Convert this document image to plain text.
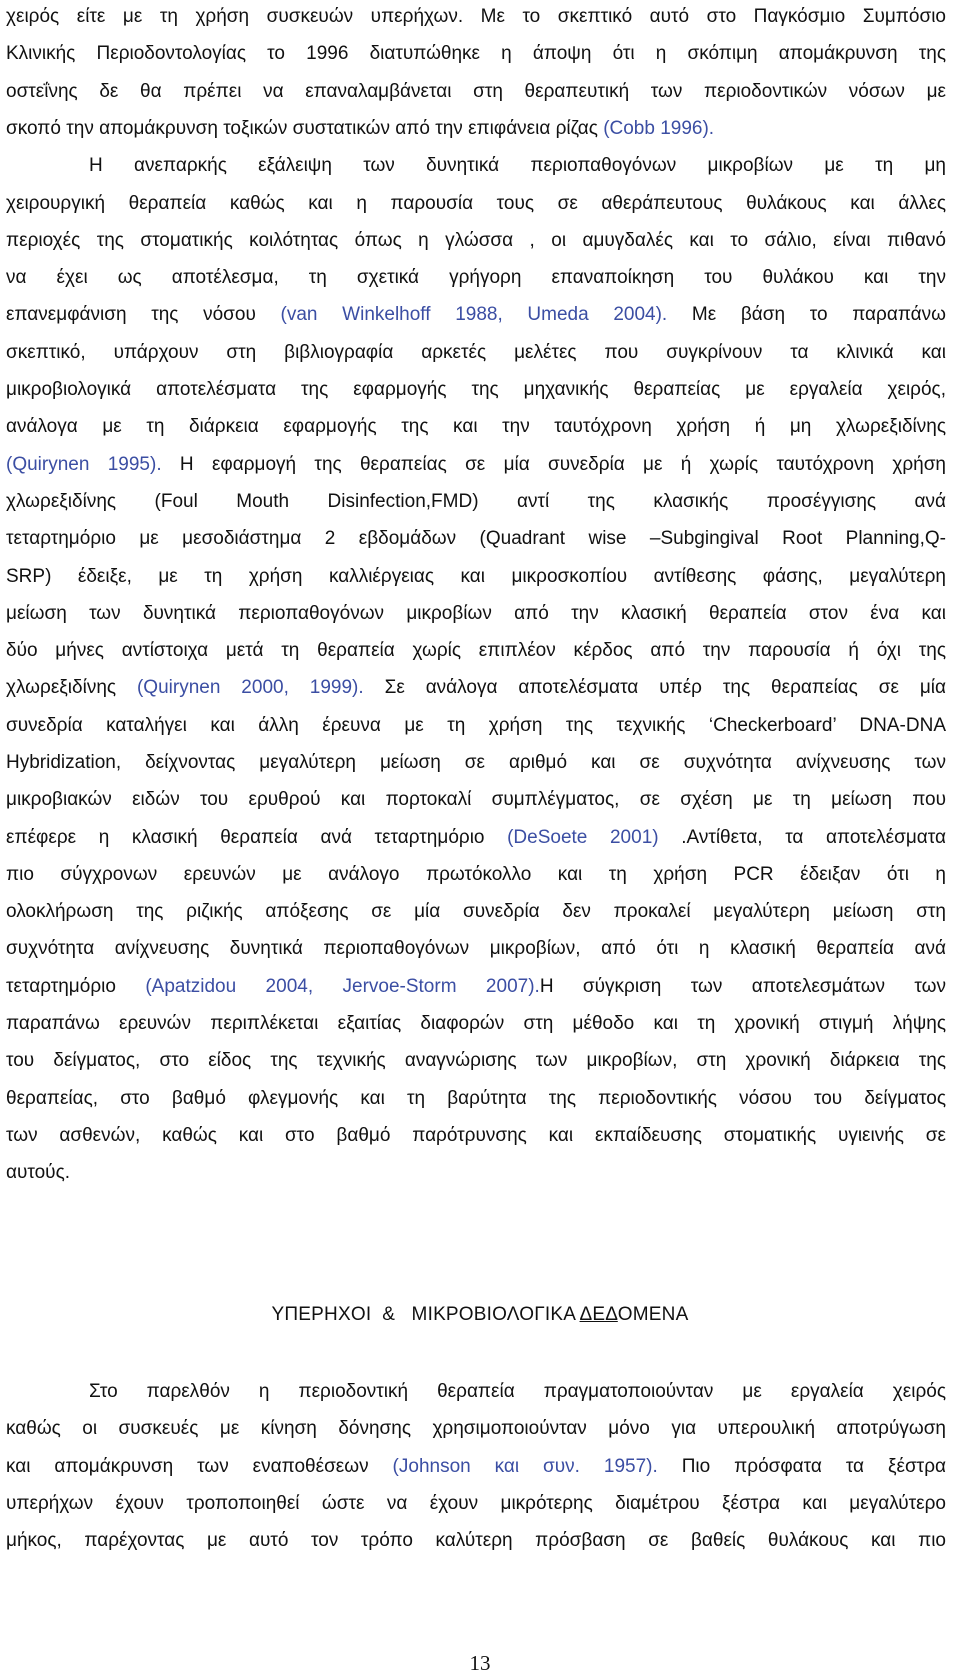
χειρός είτε με τη χρήση συσκευών υπερήχων. Με το σκεπτικό αυτό στο Παγκόσμιο Συμπόσιο
Κλινικής Περιοδοντολογίας το 1996 διατυπώθηκε η άποψη ότι η σκόπιμη απομάκρυνση της
οστεΐνης δε θα πρέπει να επαναλαμβάνεται στη θεραπευτική των περιοδοντικών νόσων με
σκοπό την απομάκρυνση τοξικών συστατικών από την επιφάνεια ρίζας (Cobb 1996).
Η ανεπαρκής εξάλειψη των δυνητικά περιοπαθογόνων μικροβίων με τη μη
χειρουργική θεραπεία καθώς και η παρουσία τους σε αθεράπευτους θυλάκους και άλλες
περιοχές της στοματικής κοιλότητας όπως η γλώσσα , οι αμυγδαλές και το σάλιο, είναι πιθανό
να έχει ως αποτέλεσμα, τη σχετικά γρήγορη επαναποίκηση του θυλάκου και την
επανεμφάνιση της νόσου (van Winkelhoff 1988, Umeda 2004). Με βάση το παραπάνω
σκεπτικό, υπάρχουν στη βιβλιογραφία αρκετές μελέτες που συγκρίνουν τα κλινικά και
μικροβιολογικά αποτελέσματα της εφαρμογής της μηχανικής θεραπείας με εργαλεία χειρός,
ανάλογα με τη διάρκεια εφαρμογής της και την ταυτόχρονη χρήση ή μη χλωρεξιδίνης
(Quirynen 1995). Η εφαρμογή της θεραπείας σε μία συνεδρία με ή χωρίς ταυτόχρονη χρήση
χλωρεξιδίνης (Foul Mouth Disinfection,FMD) αντί της κλασικής προσέγγισης ανά
τεταρτημόριο με μεσοδιάστημα 2 εβδομάδων (Quadrant wise –Subgingival Root Planning,Q-
SRP) έδειξε, με τη χρήση καλλιέργειας και μικροσκοπίου αντίθεσης φάσης, μεγαλύτερη
μείωση των δυνητικά περιοπαθογόνων μικροβίων από την κλασική θεραπεία στον ένα και
δύο μήνες αντίστοιχα μετά τη θεραπεία χωρίς επιπλέον κέρδος από την παρουσία ή όχι της
χλωρεξιδίνης (Quirynen 2000, 1999). Σε ανάλογα αποτελέσματα υπέρ της θεραπείας σε μία
συνεδρία καταλήγει και άλλη έρευνα με τη χρήση της τεχνικής ‘Checkerboard’ DNA-DNA
Hybridization, δείχνοντας μεγαλύτερη μείωση σε αριθμό και σε συχνότητα ανίχνευσης των
μικροβιακών ειδών του ερυθρού και πορτοκαλί συμπλέγματος, σε σχέση με τη μείωση που
επέφερε η κλασική θεραπεία ανά τεταρτημόριο (DeSoete 2001) .Αντίθετα, τα αποτελέσματα
πιο σύγχρονων ερευνών με ανάλογο πρωτόκολλο και τη χρήση PCR έδειξαν ότι η
ολοκλήρωση της ριζικής απόξεσης σε μία συνεδρία δεν προκαλεί μεγαλύτερη μείωση στη
συχνότητα ανίχνευσης δυνητικά περιοπαθογόνων μικροβίων, από ότι η κλασική θεραπεία ανά
τεταρτημόριο (Apatzidou 2004, Jervoe-Storm 2007).Η σύγκριση των αποτελεσμάτων των
παραπάνω ερευνών περιπλέκεται εξαιτίας διαφορών στη μέθοδο και τη χρονική στιγμή λήψης
του δείγματος, στο είδος της τεχνικής αναγνώρισης των μικροβίων, στη χρονική διάρκεια της
θεραπείας, στο βαθμό φλεγμονής και τη βαρύτητα της περιοδοντικής νόσου του δείγματος
των ασθενών, καθώς και στο βαθμό παρότρυνσης και εκπαίδευσης στοματικής υγιεινής σε
αυτούς.
Στο παρελθόν η περιοδοντική θεραπεία πραγματοποιούνταν με εργαλεία χειρός
καθώς οι συσκευές με κίνηση δόνησης χρησιμοποιούνταν μόνο για υπερουλική αποτρύγωση
και απομάκρυνση των εναποθέσεων (Johnson και συν. 1957). Πιο πρόσφατα τα ξέστρα
υπερήχων έχουν τροποποιηθεί ώστε να έχουν μικρότερης διαμέτρου ξέστρα και μεγαλύτερο
μήκος, παρέχοντας με αυτό τον τρόπο καλύτερη πρόσβαση σε βαθείς θυλάκους και πιο
ΥΠΕΡΗΧΟΙ  &   ΜΙΚΡΟΒΙΟΛΟΓΙΚΑ ΔΕΔΟΜΕΝΑ
13
